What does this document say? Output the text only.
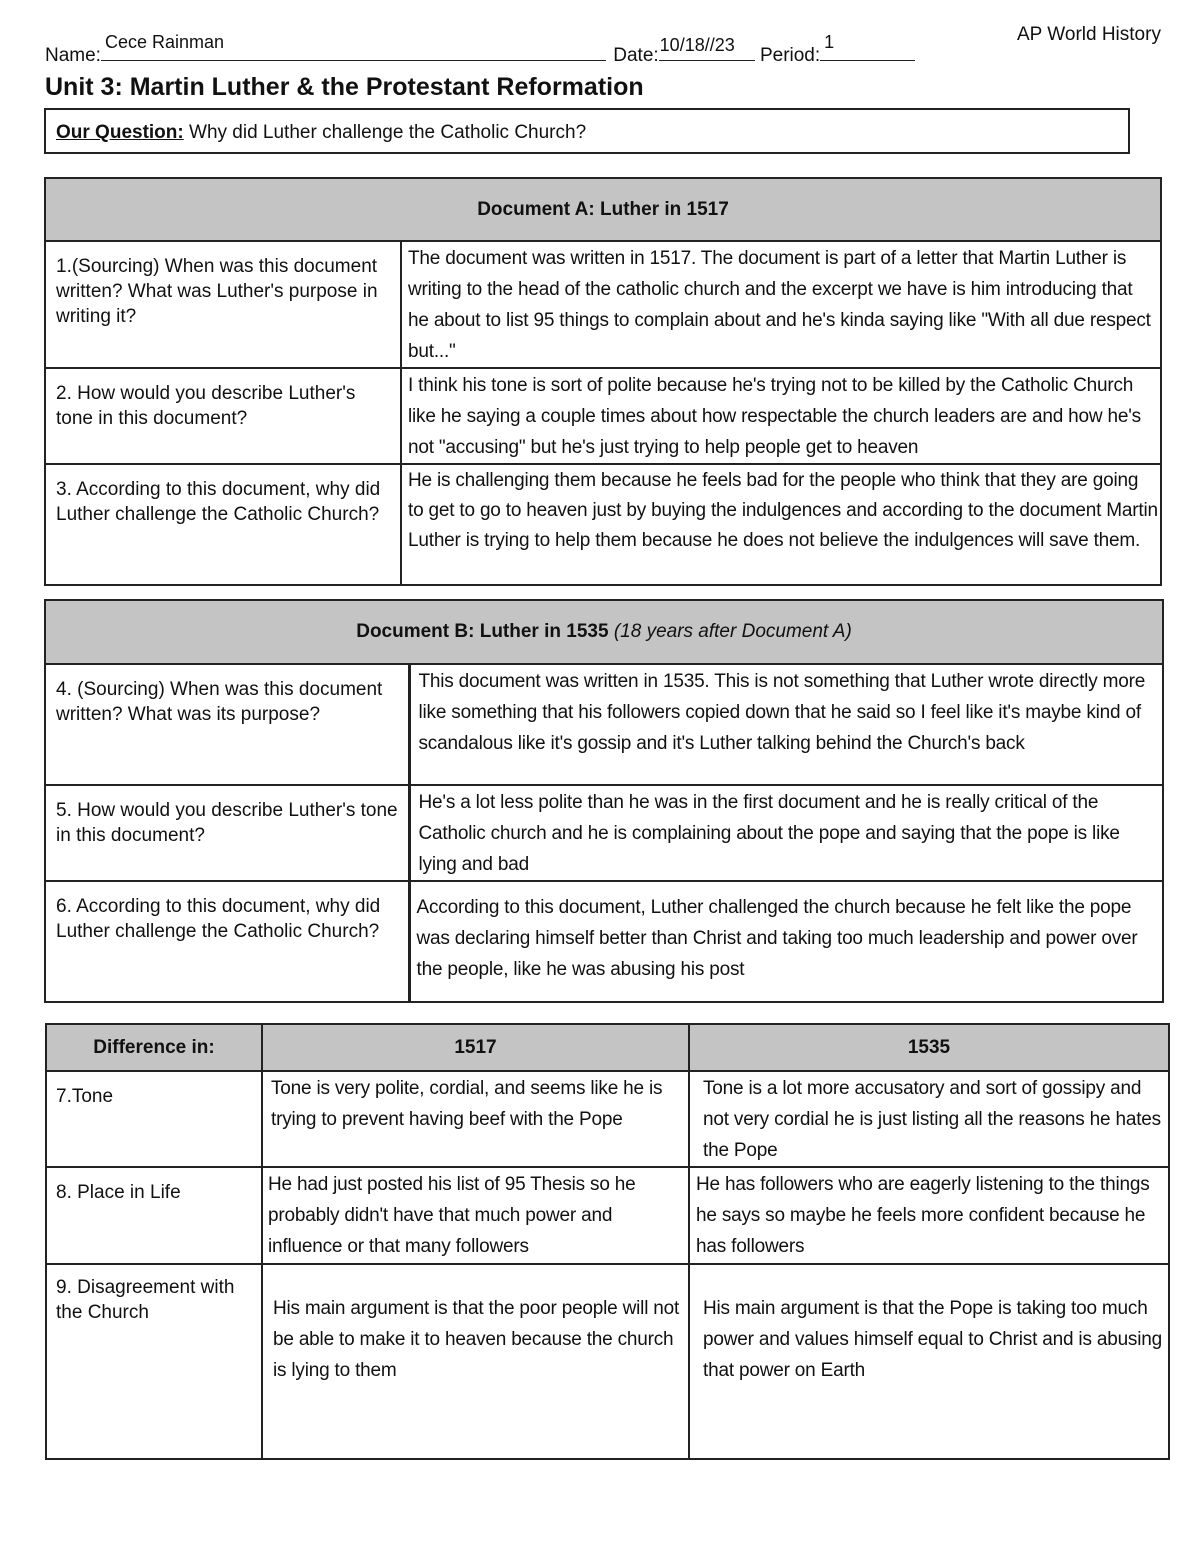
AP World History
Name:
Cece Rainman
Date: 10/18//23 Period:
1
Unit 3: Martin Luther & the Protestant Reformation
Our Question: Why did Luther challenge the Catholic Church?
Document A: Luther in 1517	
1.(Sourcing) When was this document written? What was Luther's purpose in writing it?	The document was written in 1517. The document is part of a letter that Martin Luther is writing to the head of the catholic church and the excerpt we have is him introducing that he about to list 95 things to complain about and he's kinda saying like "With all due respect but..."
2. How would you describe Luther's tone in this document?	I think his tone is sort of polite because he's trying not to be killed by the Catholic Church like he saying a couple times about how respectable the church leaders are and how he's not "accusing" but he's just trying to help people get to heaven
3. According to this document, why did Luther challenge the Catholic Church?	He is challenging them because he feels bad for the people who think that they are going to get to go to heaven just by buying the indulgences and according to the document Martin Luther is trying to help them because he does not believe the indulgences will save them.
Document B: Luther in 1535 (18 years after Document A)	
4. (Sourcing) When was this document written? What was its purpose?	This document was written in 1535. This is not something that Luther wrote directly more like something that his followers copied down that he said so I feel like it's maybe kind of scandalous like it's gossip and it's Luther talking behind the Church's back
5. How would you describe Luther's tone in this document?	He's a lot less polite than he was in the first document and he is really critical of the Catholic church and he is complaining about the pope and saying that the pope is like lying and bad
6. According to this document, why did Luther challenge the Catholic Church?	According to this document, Luther challenged the church because he felt like the pope was declaring himself better than Christ and taking too much leadership and power over the people, like he was abusing his post
Difference in:	1517	1535
7.Tone	Tone is very polite, cordial, and seems like he is trying to prevent having beef with the Pope	Tone is a lot more accusatory and sort of gossipy and not very cordial he is just listing all the reasons he hates the Pope
8. Place in Life	He had just posted his list of 95 Thesis so he probably didn't have that much power and influence or that many followers	He has followers who are eagerly listening to the things he says so maybe he feels more confident because he has followers
9. Disagreement with the Church	His main argument is that the poor people will not be able to make it to heaven because the church is lying to them	His main argument is that the Pope is taking too much power and values himself equal to Christ and is abusing that power on Earth
